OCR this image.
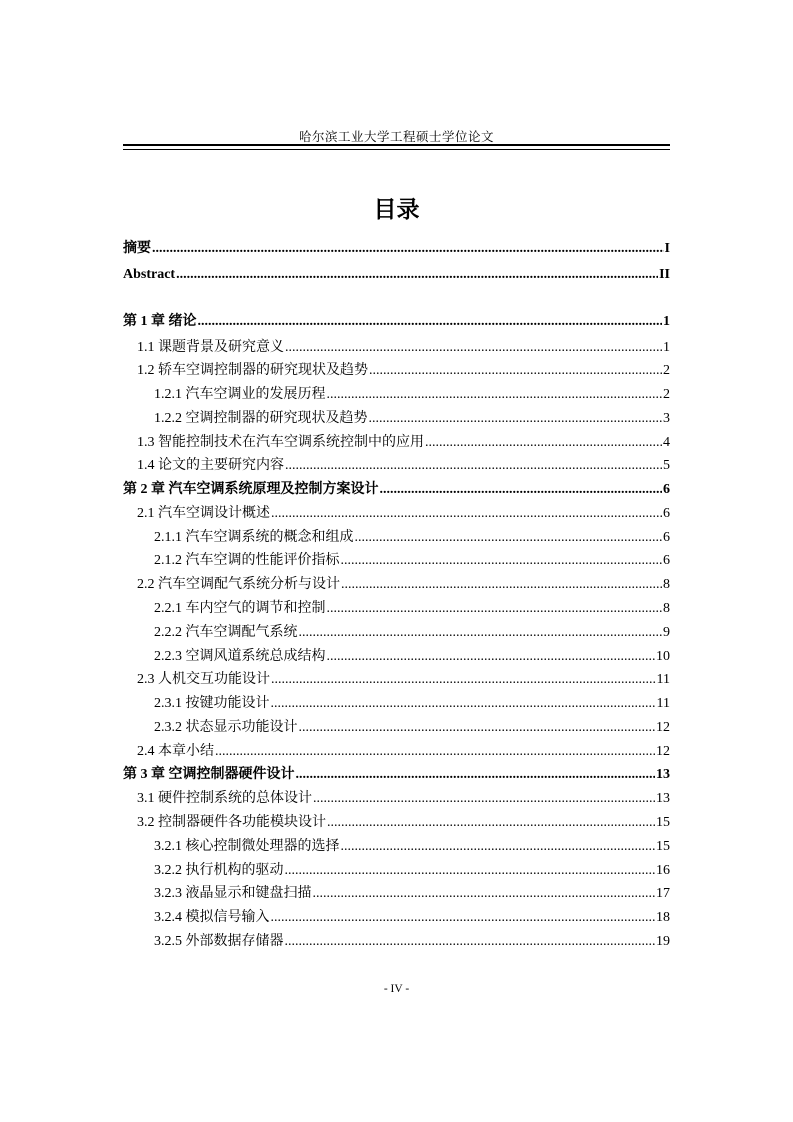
哈尔滨工业大学工程硕士学位论文
目录
摘要 .....	I
Abstract .....	II
第 1 章 绪论 .....	1
1.1 课题背景及研究意义 .....	1
1.2 轿车空调控制器的研究现状及趋势 .....	2
1.2.1 汽车空调业的发展历程 .....	2
1.2.2 空调控制器的研究现状及趋势 .....	3
1.3 智能控制技术在汽车空调系统控制中的应用 .....	4
1.4 论文的主要研究内容 .....	5
第 2 章 汽车空调系统原理及控制方案设计 .....	6
2.1 汽车空调设计概述 .....	6
2.1.1 汽车空调系统的概念和组成 .....	6
2.1.2 汽车空调的性能评价指标 .....	6
2.2 汽车空调配气系统分析与设计 .....	8
2.2.1 车内空气的调节和控制 .....	8
2.2.2 汽车空调配气系统 .....	9
2.2.3 空调风道系统总成结构 .....	10
2.3 人机交互功能设计 .....	11
2.3.1 按键功能设计 .....	11
2.3.2 状态显示功能设计 .....	12
2.4 本章小结 .....	12
第 3 章 空调控制器硬件设计 .....	13
3.1 硬件控制系统的总体设计 .....	13
3.2 控制器硬件各功能模块设计 .....	15
3.2.1 核心控制微处理器的选择 .....	15
3.2.2 执行机构的驱动 .....	16
3.2.3 液晶显示和键盘扫描 .....	17
3.2.4 模拟信号输入 .....	18
3.2.5 外部数据存储器 .....	19
- IV -
